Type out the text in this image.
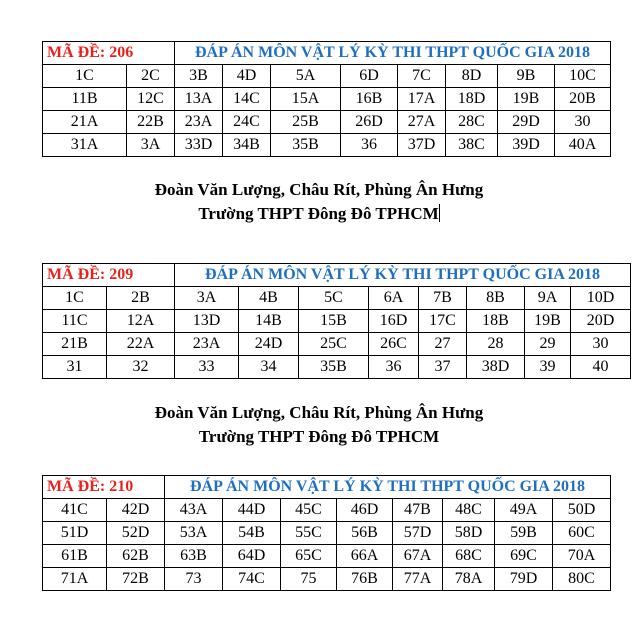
MÃ ĐỀ: 206		ĐÁP ÁN MÔN VẬT LÝ KỲ THI THPT QUỐC GIA 2018							
1C	2C	3B	4D	5A	6D	7C	8D	9B	10C
11B	12C	13A	14C	15A	16B	17A	18D	19B	20B
21A	22B	23A	24C	25B	26D	27A	28C	29D	30
31A	3A	33D	34B	35B	36	37D	38C	39D	40A
Đoàn Văn Lượng, Châu Rít, Phùng Ân Hưng
Trường THPT Đông Đô TPHCM
MÃ ĐỀ: 209		ĐÁP ÁN MÔN VẬT LÝ KỲ THI THPT QUỐC GIA 2018							
1C	2B	3A	4B	5C	6A	7B	8B	9A	10D
11C	12A	13D	14B	15B	16D	17C	18B	19B	20D
21B	22A	23A	24D	25C	26C	27	28	29	30
31	32	33	34	35B	36	37	38D	39	40
Đoàn Văn Lượng, Châu Rít, Phùng Ân Hưng
Trường THPT Đông Đô TPHCM
MÃ ĐỀ: 210		ĐÁP ÁN MÔN VẬT LÝ KỲ THI THPT QUỐC GIA 2018							
41C	42D	43A	44D	45C	46D	47B	48C	49A	50D
51D	52D	53A	54B	55C	56B	57D	58D	59B	60C
61B	62B	63B	64D	65C	66A	67A	68C	69C	70A
71A	72B	73	74C	75	76B	77A	78A	79D	80C
